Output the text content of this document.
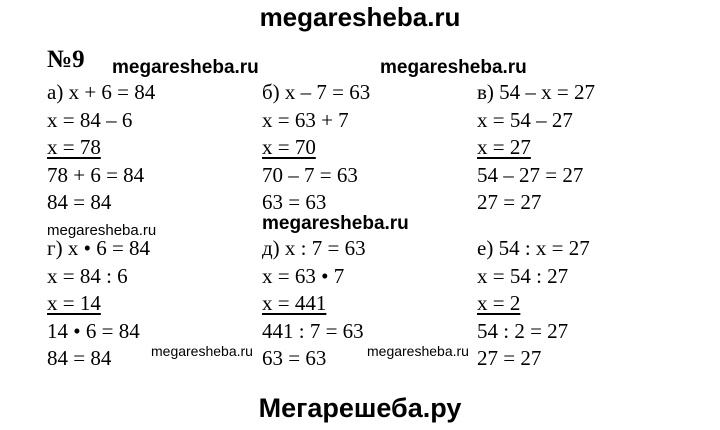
megaresheba.ru
megaresheba.ru	megaresheba.ru
megaresheba.ru	megaresheba.ru
megaresheba.ru	megaresheba.ru
Мегарешеба.ру
№9
а) x + 6 = 84
x = 84 – 6
x = 78
78 + 6 = 84
84 = 84
б) x – 7 = 63
x = 63 + 7
x = 70
70 – 7 = 63
63 = 63
в) 54 – x = 27
x = 54 – 27
x = 27
54 – 27 = 27
27 = 27
г) x • 6 = 84
x = 84 : 6
x = 14
14 • 6 = 84
84 = 84
д) x : 7 = 63
x = 63 • 7
x = 441
441 : 7 = 63
63 = 63
е) 54 : x = 27
x = 54 : 27
x = 2
54 : 2 = 27
27 = 27
